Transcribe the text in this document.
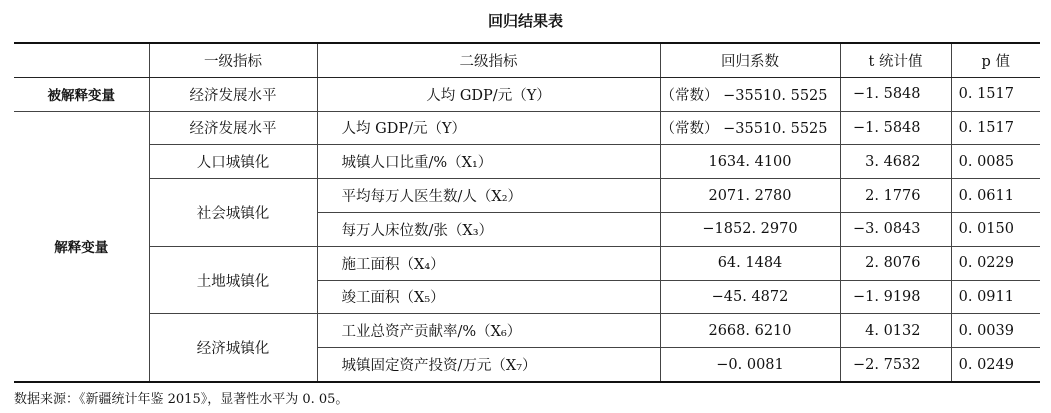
回归结果表
	一级指标	二级指标	回归系数	t 统计值	p 值
被解释变量	经济发展水平	人均 GDP/元（Y）	（常数） −35510. 5525	−1. 5848	0. 1517
解释变量	经济发展水平	人均 GDP/元（Y）	（常数） −35510. 5525	−1. 5848	0. 1517
	人口城镇化	城镇人口比重/%（X₁）	1634. 4100	3. 4682	0. 0085
	社会城镇化	平均每万人医生数/人（X₂）	2071. 2780	2. 1776	0. 0611
		每万人床位数/张（X₃）	−1852. 2970	−3. 0843	0. 0150
	土地城镇化	施工面积（X₄）	64. 1484	2. 8076	0. 0229
		竣工面积（X₅）	−45. 4872	−1. 9198	0. 0911
	经济城镇化	工业总资产贡献率/%（X₆）	2668. 6210	4. 0132	0. 0039
		城镇固定资产投资/万元（X₇）	−0. 0081	−2. 7532	0. 0249
数据来源：《新疆统计年鉴 2015》，显著性水平为 0. 05。
